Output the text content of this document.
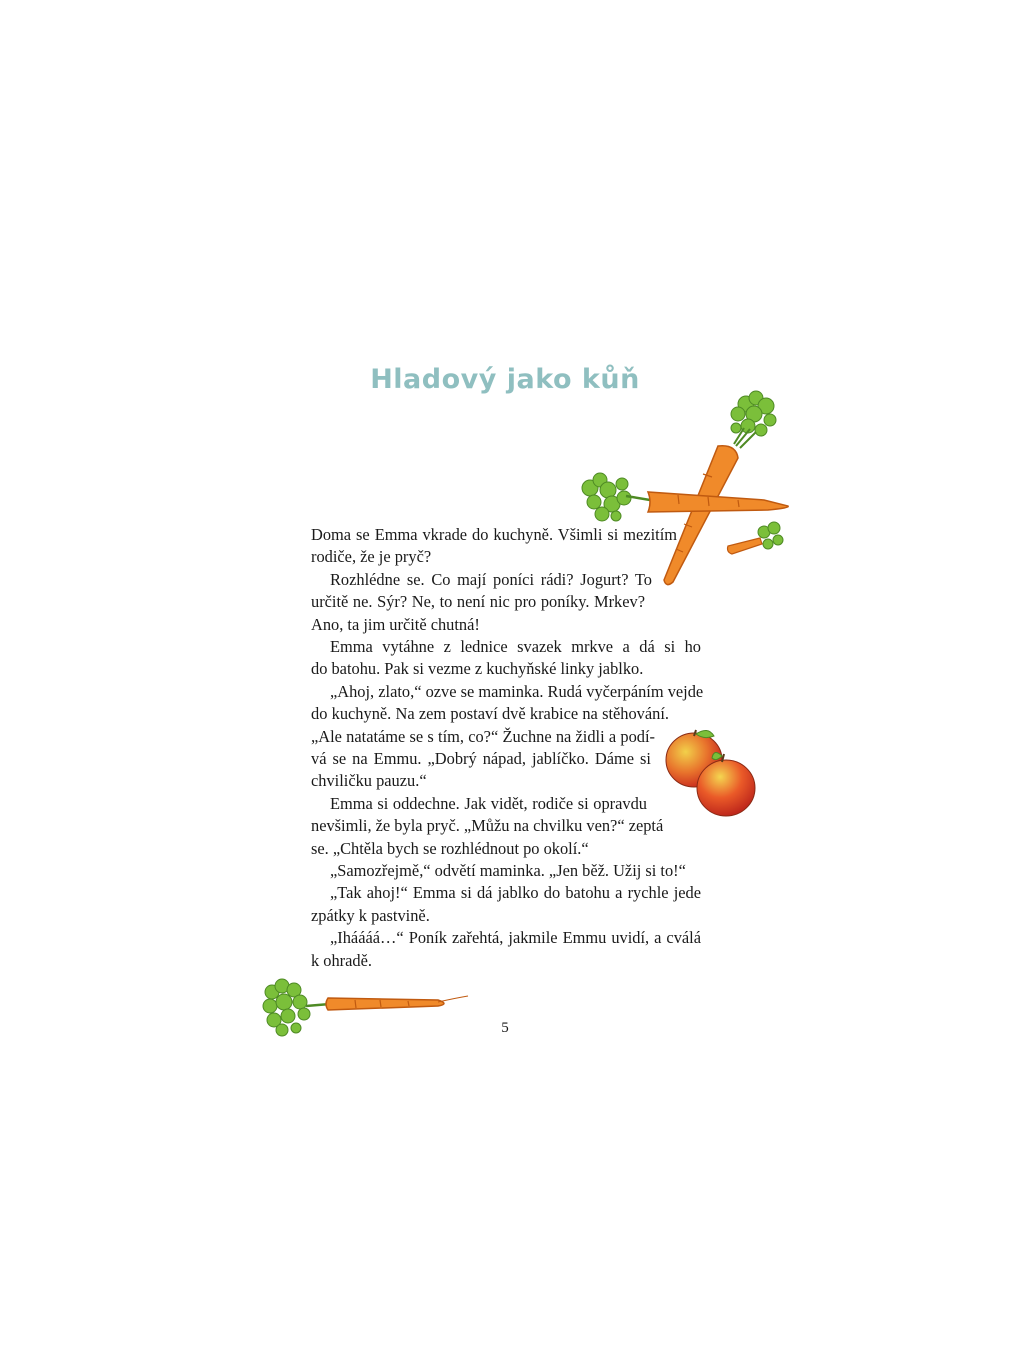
Hladový jako kůň
Doma se Emma vkrade do kuchyně. Všimli si mezitím
rodiče, že je pryč?
Rozhlédne se. Co mají poníci rádi? Jogurt? To
určitě ne. Sýr? Ne, to není nic pro poníky. Mrkev?
Ano, ta jim určitě chutná!
Emma vytáhne z lednice svazek mrkve a dá si ho
do batohu. Pak si vezme z kuchyňské linky jablko.
„Ahoj, zlato,“ ozve se maminka. Rudá vyčerpáním vejde
do kuchyně. Na zem postaví dvě krabice na stěhování.
„Ale natatáme se s tím, co?“ Žuchne na židli a podí-
vá se na Emmu. „Dobrý nápad, jablíčko. Dáme si
chviličku pauzu.“
Emma si oddechne. Jak vidět, rodiče si opravdu
nevšimli, že byla pryč. „Můžu na chvilku ven?“ zeptá
se. „Chtěla bych se rozhlédnout po okolí.“
„Samozřejmě,“ odvětí maminka. „Jen běž. Užij si to!“
„Tak ahoj!“ Emma si dá jablko do batohu a rychle jede
zpátky k pastvině.
„Iháááá…“ Poník zařehtá, jakmile Emmu uvidí, a cválá
k ohradě.
5
